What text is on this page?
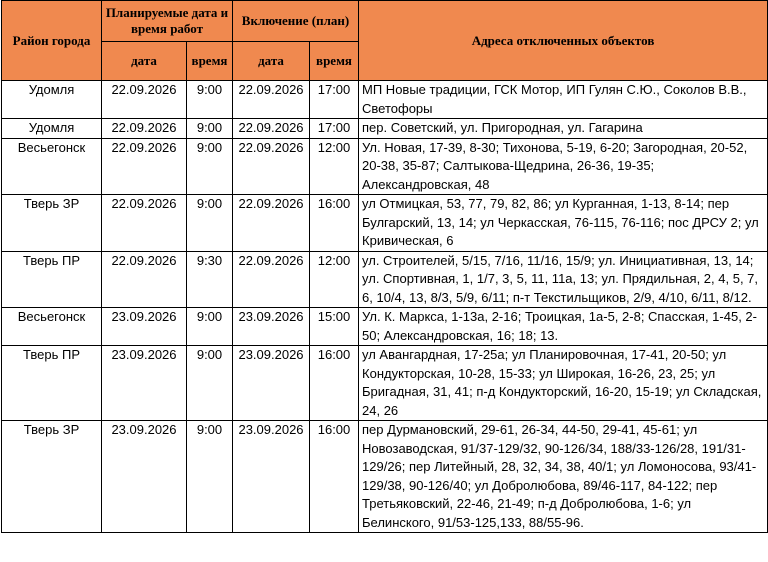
Район города	Планируемые дата и время работ		Включение (план)		Адреса отключенных объектов
	дата	время	дата	время	
Удомля	22.09.2026	9:00	22.09.2026	17:00	МП Новые традиции, ГСК Мотор, ИП Гулян С.Ю., Соколов В.В., Светофоры
Удомля	22.09.2026	9:00	22.09.2026	17:00	пер. Советский, ул. Пригородная, ул. Гагарина
Весьегонск	22.09.2026	9:00	22.09.2026	12:00	Ул. Новая, 17-39, 8-30; Тихонова, 5-19, 6-20; Загородная, 20-52, 20-38, 35-87; Салтыкова-Щедрина, 26-36, 19-35; Александровская, 48
Тверь ЗР	22.09.2026	9:00	22.09.2026	16:00	ул Отмицкая, 53, 77, 79, 82, 86; ул Курганная, 1-13, 8-14; пер Булгарский, 13, 14; ул Черкасская, 76-115, 76-116; пос ДРСУ 2; ул Кривическая, 6
Тверь ПР	22.09.2026	9:30	22.09.2026	12:00	ул. Строителей, 5/15, 7/16, 11/16, 15/9; ул. Инициативная, 13, 14; ул. Спортивная, 1, 1/7, 3, 5, 11, 11а, 13; ул. Прядильная, 2, 4, 5, 7, 6, 10/4, 13, 8/3, 5/9, 6/11; п-т Текстильщиков, 2/9, 4/10, 6/11, 8/12.
Весьегонск	23.09.2026	9:00	23.09.2026	15:00	Ул. К. Маркса, 1-13а, 2-16; Троицкая, 1а-5, 2-8; Спасская, 1-45, 2-50; Александровская, 16; 18; 13.
Тверь ПР	23.09.2026	9:00	23.09.2026	16:00	ул Авангардная, 17-25а; ул Планировочная, 17-41, 20-50; ул Кондукторская, 10-28, 15-33; ул Широкая, 16-26, 23, 25; ул Бригадная, 31, 41; п-д Кондукторский, 16-20, 15-19; ул Складская, 24, 26
Тверь ЗР	23.09.2026	9:00	23.09.2026	16:00	пер Дурмановский, 29-61, 26-34, 44-50, 29-41, 45-61; ул Новозаводская, 91/37-129/32, 90-126/34, 188/33-126/28, 191/31-129/26; пер Литейный, 28, 32, 34, 38, 40/1; ул Ломоносова, 93/41-129/38, 90-126/40; ул Добролюбова, 89/46-117, 84-122; пер Третьяковский, 22-46, 21-49; п-д Добролюбова, 1-6; ул Белинского, 91/53-125,133, 88/55-96.
